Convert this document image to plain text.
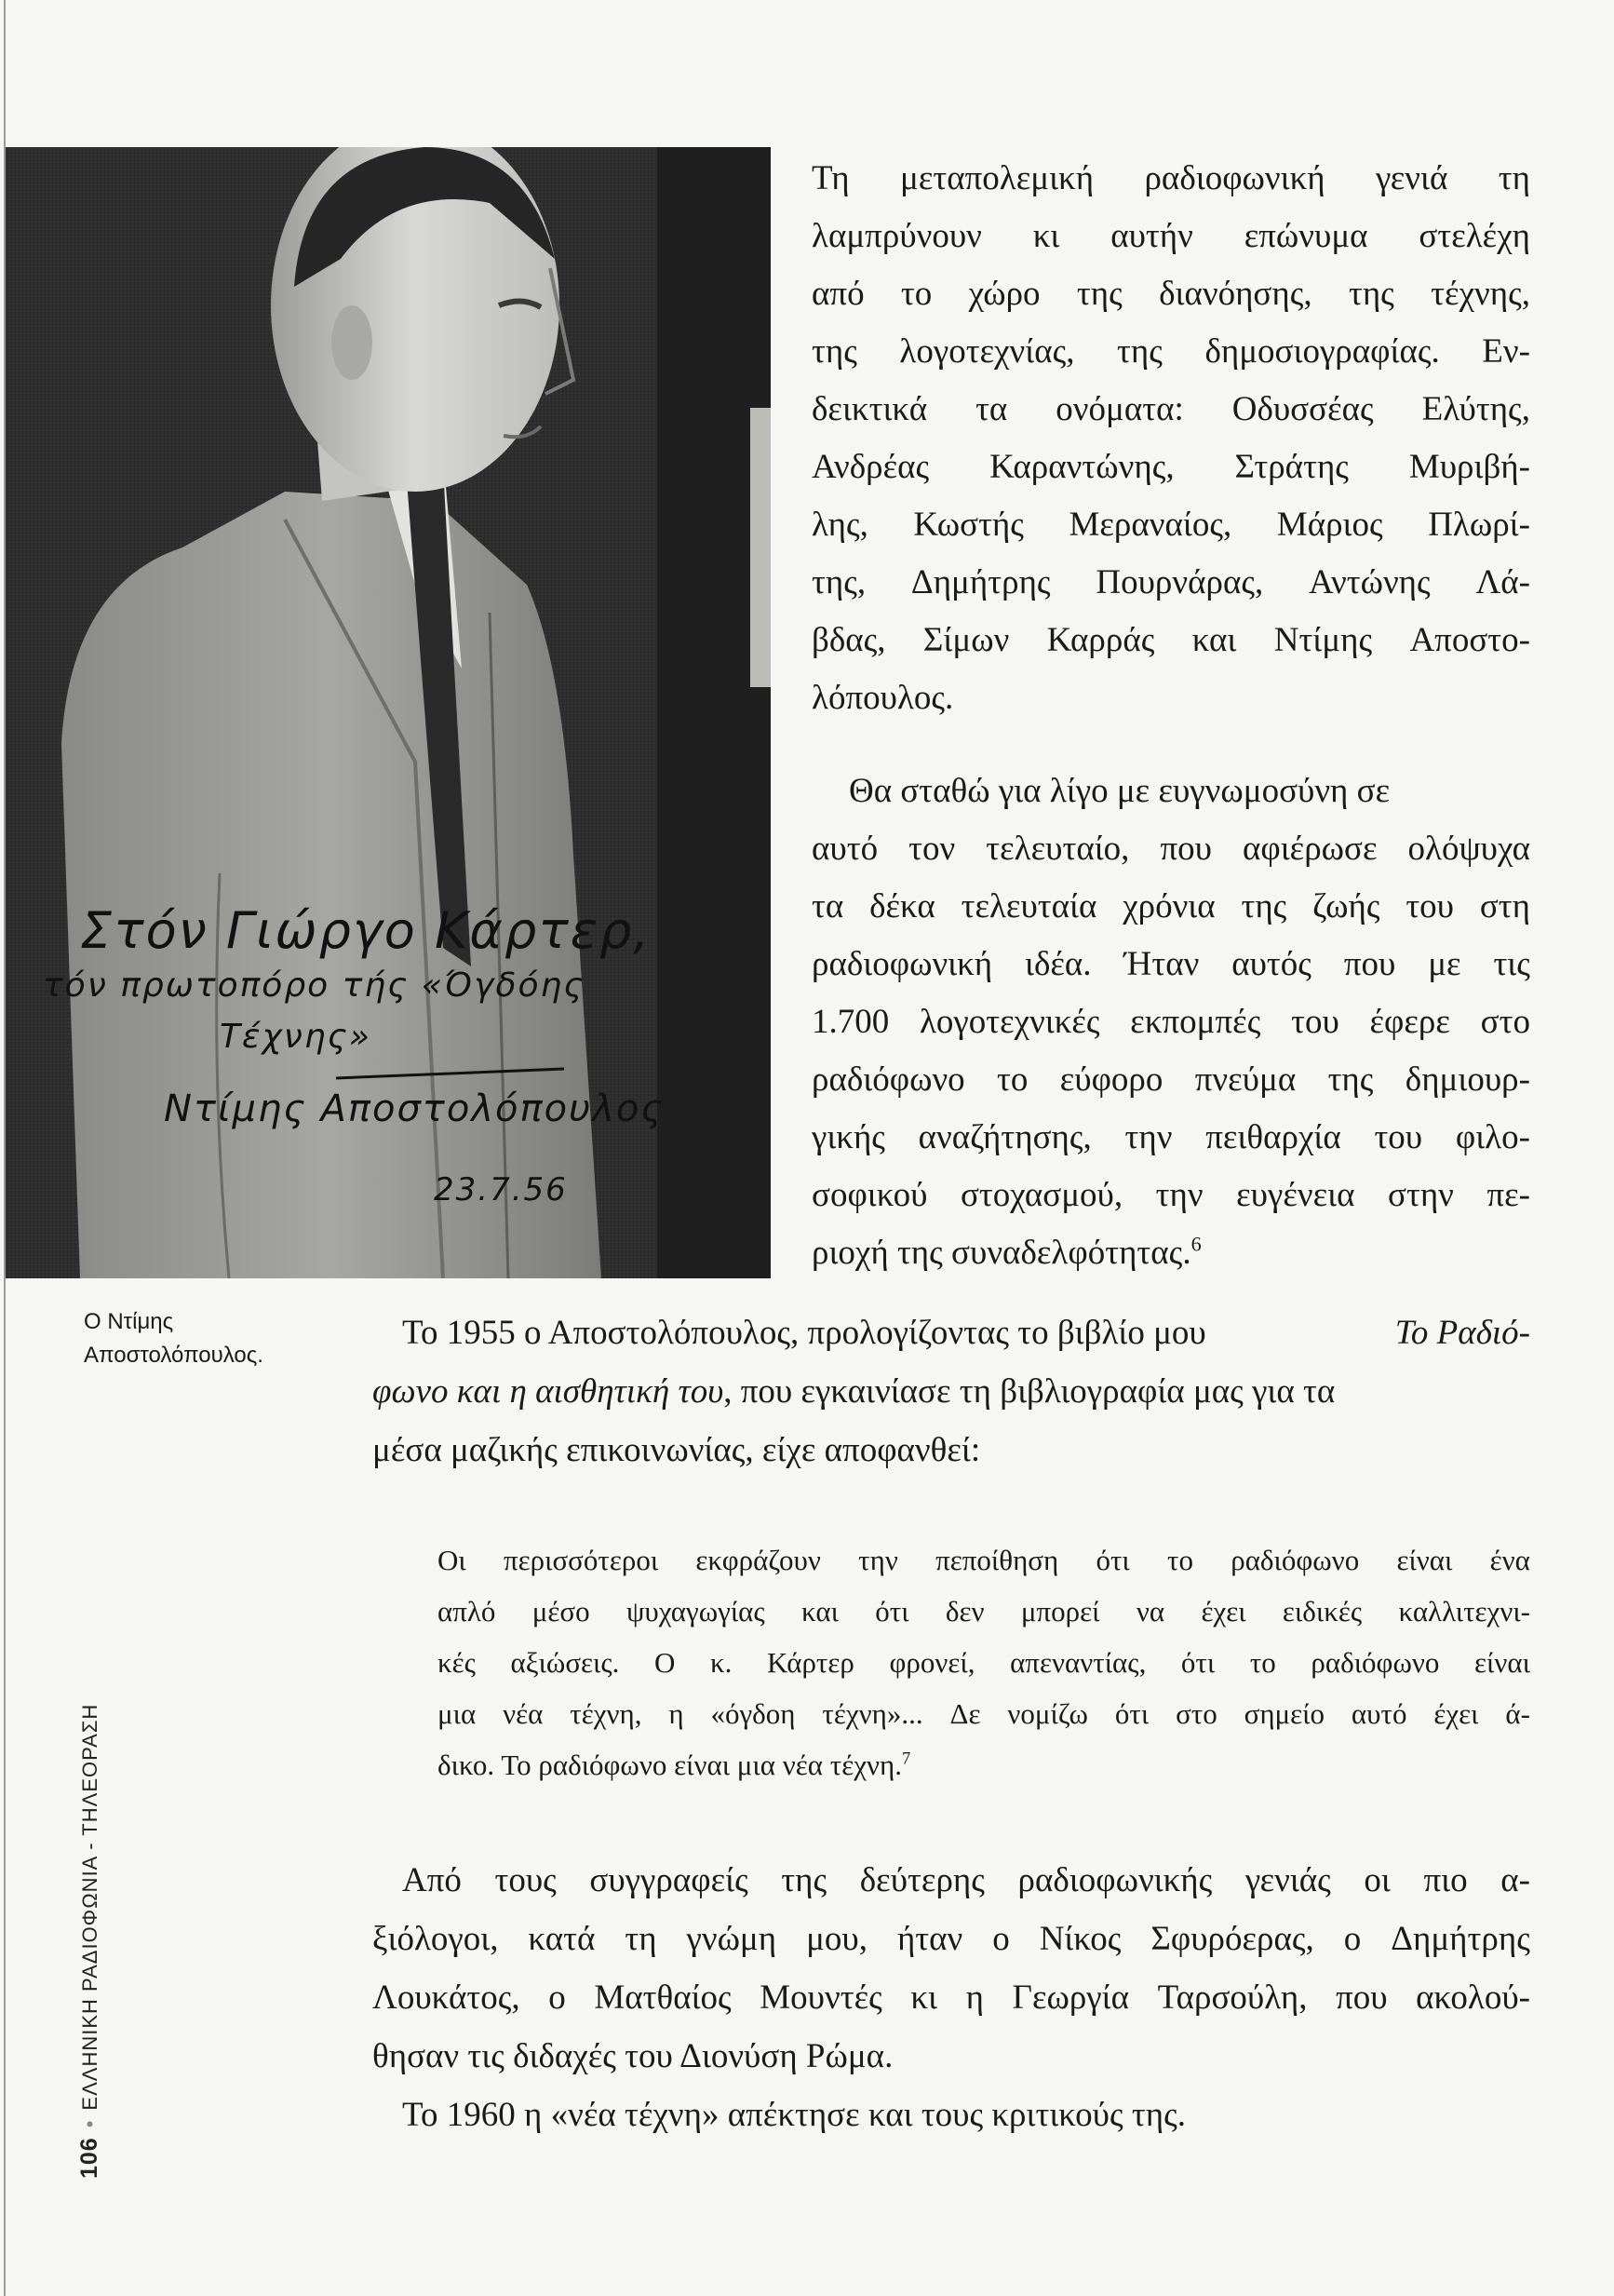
Στόν Γιώργο Κάρτερ,
τόν πρωτοπόρο τής «Όγδόης
Τέχνης»
Ντίμης Αποστολόπουλος
23.7.56
Ο Ντίμης
Αποστολόπουλος.
Τη μεταπολεμική ραδιοφωνική γενιά τη
λαμπρύνουν κι αυτήν επώνυμα στελέχη
από το χώρο της διανόησης, της τέχνης,
της λογοτεχνίας, της δημοσιογραφίας. Εν-
δεικτικά τα ονόματα: Οδυσσέας Ελύτης,
Ανδρέας Καραντώνης, Στράτης Μυριβή-
λης, Κωστής Μεραναίος, Μάριος Πλωρί-
της, Δημήτρης Πουρνάρας, Αντώνης Λά-
βδας, Σίμων Καρράς και Ντίμης Αποστο-
λόπουλος.
Θα σταθώ για λίγο με ευγνωμοσύνη σε
αυτό τον τελευταίο, που αφιέρωσε ολόψυχα
τα δέκα τελευταία χρόνια της ζωής του στη
ραδιοφωνική ιδέα. Ήταν αυτός που με τις
1.700 λογοτεχνικές εκπομπές του έφερε στο
ραδιόφωνο το εύφορο πνεύμα της δημιουρ-
γικής αναζήτησης, την πειθαρχία του φιλο-
σοφικού στοχασμού, την ευγένεια στην πε-
ριοχή της συναδελφότητας.$^6$
Το 1955 ο Αποστολόπουλος, προλογίζοντας το βιβλίο μου	Το Ραδιό-
φωνο και η αισθητική του, που εγκαινίασε τη βιβλιογραφία μας για τα
μέσα μαζικής επικοινωνίας, είχε αποφανθεί:
Οι περισσότεροι εκφράζουν την πεποίθηση ότι το ραδιόφωνο είναι ένα
απλό μέσο ψυχαγωγίας και ότι δεν μπορεί να έχει ειδικές καλλιτεχνι-
κές αξιώσεις. Ο κ. Κάρτερ φρονεί, απεναντίας, ότι το ραδιόφωνο είναι
μια νέα τέχνη, η «όγδοη τέχνη»... Δε νομίζω ότι στο σημείο αυτό έχει ά-
δικο. Το ραδιόφωνο είναι μια νέα τέχνη.$^7$
Από τους συγγραφείς της δεύτερης ραδιοφωνικής γενιάς οι πιο α-
ξιόλογοι, κατά τη γνώμη μου, ήταν ο Νίκος Σφυρόερας, ο Δημήτρης
Λουκάτος, ο Ματθαίος Μουντές κι η Γεωργία Ταρσούλη, που ακολού-
θησαν τις διδαχές του Διονύση Ρώμα.
Το 1960 η «νέα τέχνη» απέκτησε και τους κριτικούς της.
106•ΕΛΛΗΝΙΚΗ ΡΑΔΙΟΦΩΝΙΑ - ΤΗΛΕΟΡΑΣΗ
